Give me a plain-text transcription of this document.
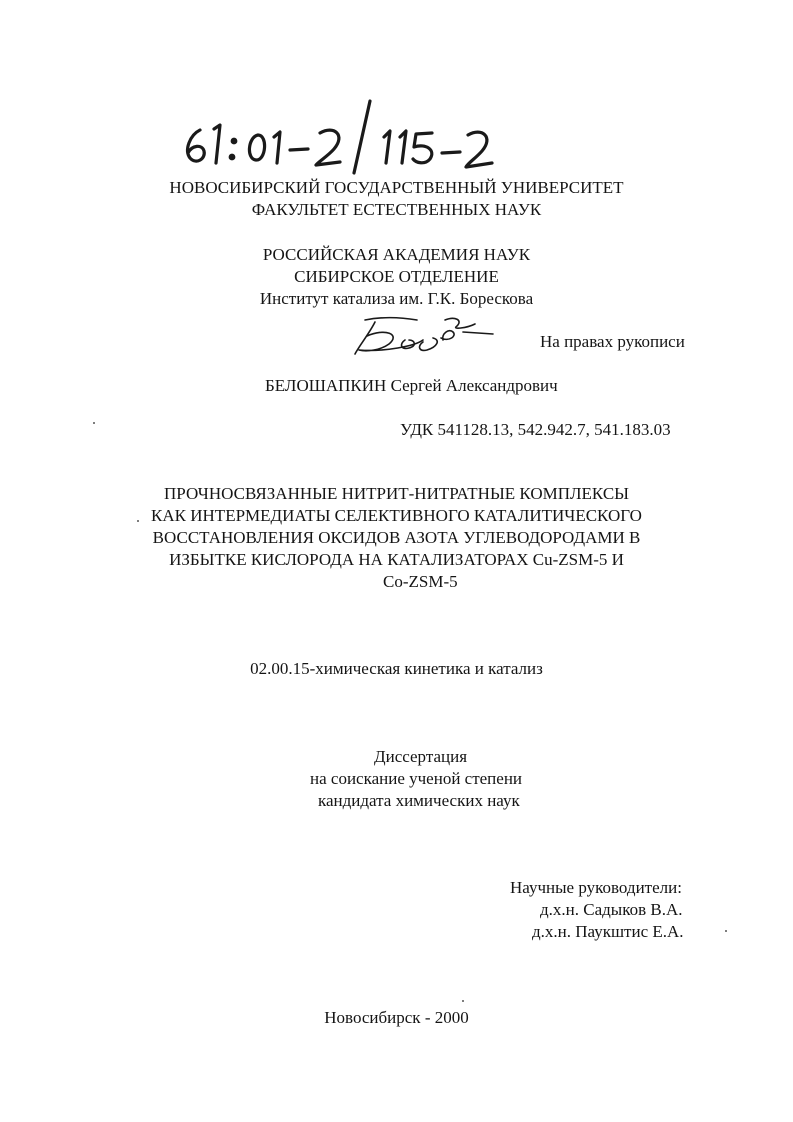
61: 01-2/115-2
НОВОСИБИРСКИЙ ГОСУДАРСТВЕННЫЙ УНИВЕРСИТЕТ
ФАКУЛЬТЕТ ЕСТЕСТВЕННЫХ НАУК
РОССИЙСКАЯ АКАДЕМИЯ НАУК
СИБИРСКОЕ ОТДЕЛЕНИЕ
Институт катализа им. Г.К. Борескова
На правах рукописи
БЕЛОШАПКИН Сергей Александрович
УДК 541128.13, 542.942.7, 541.183.03
ПРОЧНОСВЯЗАННЫЕ НИТРИТ-НИТРАТНЫЕ КОМПЛЕКСЫ
КАК ИНТЕРМЕДИАТЫ СЕЛЕКТИВНОГО КАТАЛИТИЧЕСКОГО
ВОССТАНОВЛЕНИЯ ОКСИДОВ АЗОТА УГЛЕВОДОРОДАМИ В
ИЗБЫТКЕ КИСЛОРОДА НА КАТАЛИЗАТОРАХ Cu-ZSM-5 И
Co-ZSM-5
02.00.15-химическая кинетика и катализ
Диссертация
на соискание ученой степени
кандидата химических наук
Научные руководители:
д.х.н. Садыков В.А.
д.х.н. Паукштис Е.А.
Новосибирск - 2000
